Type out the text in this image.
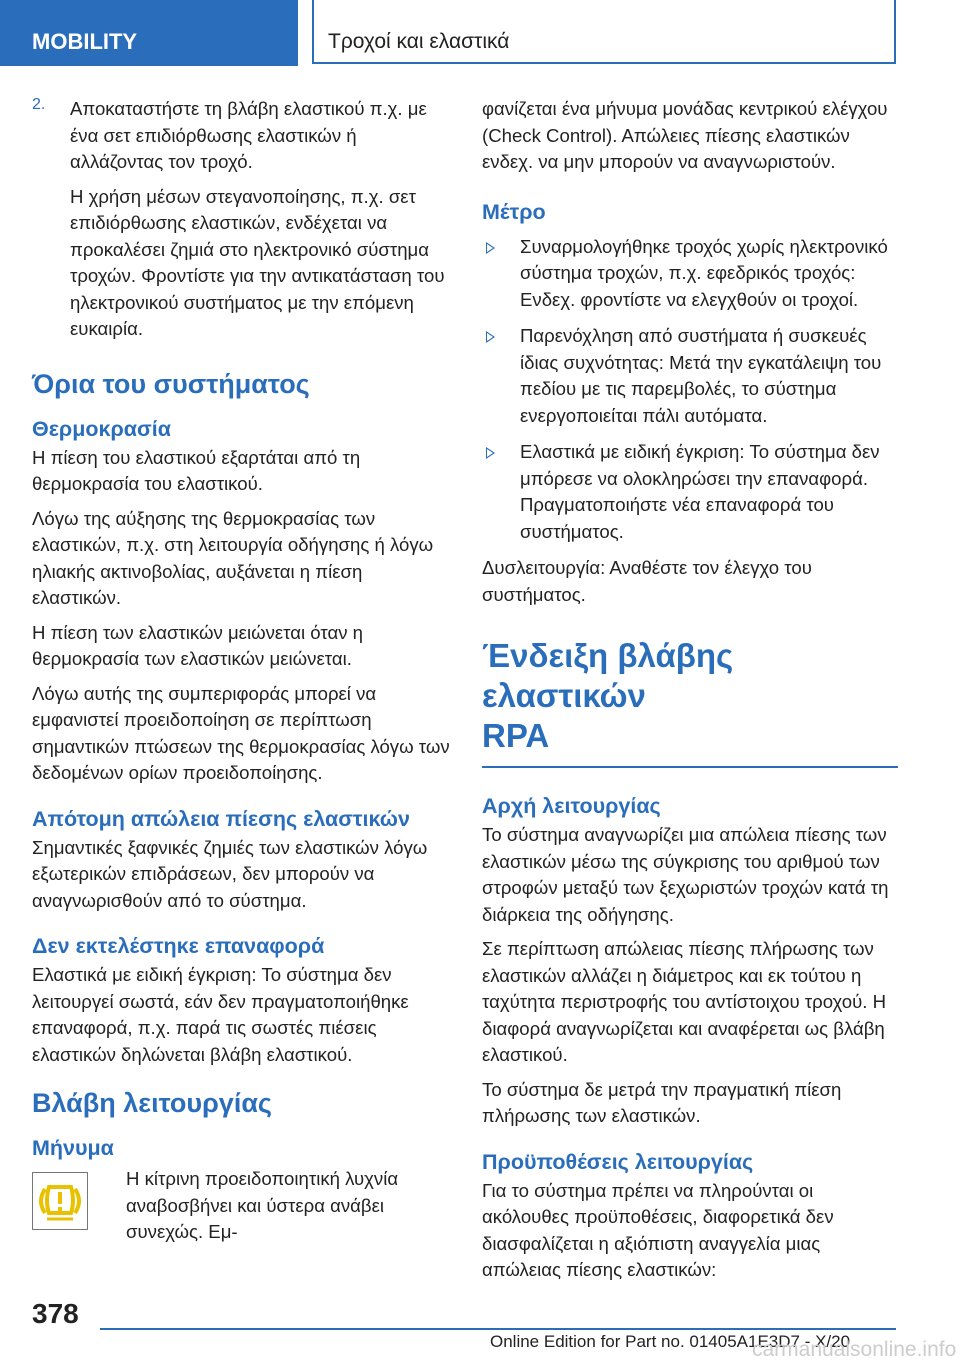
MOBILITY	Τροχοί και ελαστικά
2. Αποκαταστήστε τη βλάβη ελαστικού π.χ. με ένα σετ επιδιόρθωσης ελαστικών ή αλλάζοντας τον τροχό.

Η χρήση μέσων στεγανοποίησης, π.χ. σετ επιδιόρθωσης ελαστικών, ενδέχεται να προκαλέσει ζημιά στο ηλεκτρονικό σύστημα τροχών. Φροντίστε για την αντικατάσταση του ηλεκτρονικού συστήματος με την επόμενη ευκαιρία.

Όρια του συστήματος
Θερμοκρασία

Η πίεση του ελαστικού εξαρτάται από τη θερμοκρασία του ελαστικού.

Λόγω της αύξησης της θερμοκρασίας των ελαστικών, π.χ. στη λειτουργία οδήγησης ή λόγω ηλιακής ακτινοβολίας, αυξάνεται η πίεση ελαστικών.

Η πίεση των ελαστικών μειώνεται όταν η θερμοκρασία των ελαστικών μειώνεται.

Λόγω αυτής της συμπεριφοράς μπορεί να εμφανιστεί προειδοποίηση σε περίπτωση σημαντικών πτώσεων της θερμοκρασίας λόγω των δεδομένων ορίων προειδοποίησης.

Απότομη απώλεια πίεσης ελαστικών

Σημαντικές ξαφνικές ζημιές των ελαστικών λόγω εξωτερικών επιδράσεων, δεν μπορούν να αναγνωρισθούν από το σύστημα.

Δεν εκτελέστηκε επαναφορά

Ελαστικά με ειδική έγκριση: Το σύστημα δεν λειτουργεί σωστά, εάν δεν πραγματοποιήθηκε επαναφορά, π.χ. παρά τις σωστές πιέσεις ελαστικών δηλώνεται βλάβη ελαστικού.

Βλάβη λειτουργίας
Μήνυμα

Η κίτρινη προειδοποιητική λυχνία αναβοσβήνει και ύστερα ανάβει συνεχώς. Εμ-

φανίζεται ένα μήνυμα μονάδας κεντρικού ελέγχου (Check Control). Απώλειες πίεσης ελαστικών ενδεχ. να μην μπορούν να αναγνωριστούν.

Μέτρο

Συναρμολογήθηκε τροχός χωρίς ηλεκτρονικό σύστημα τροχών, π.χ. εφεδρικός τροχός: Ενδεχ. φροντίστε να ελεγχθούν οι τροχοί.

Παρενόχληση από συστήματα ή συσκευές ίδιας συχνότητας: Μετά την εγκατάλειψη του πεδίου με τις παρεμβολές, το σύστημα ενεργοποιείται πάλι αυτόματα.

Ελαστικά με ειδική έγκριση: Το σύστημα δεν μπόρεσε να ολοκληρώσει την επαναφορά. Πραγματοποιήστε νέα επαναφορά του συστήματος.

Δυσλειτουργία: Αναθέστε τον έλεγχο του συστήματος.

Ένδειξη βλάβης ελαστικών
RPA
Αρχή λειτουργίας

Το σύστημα αναγνωρίζει μια απώλεια πίεσης των ελαστικών μέσω της σύγκρισης του αριθμού των στροφών μεταξύ των ξεχωριστών τροχών κατά τη διάρκεια της οδήγησης.

Σε περίπτωση απώλειας πίεσης πλήρωσης των ελαστικών αλλάζει η διάμετρος και εκ τούτου η ταχύτητα περιστροφής του αντίστοιχου τροχού. Η διαφορά αναγνωρίζεται και αναφέρεται ως βλάβη ελαστικού.

Το σύστημα δε μετρά την πραγματική πίεση πλήρωσης των ελαστικών.

Προϋποθέσεις λειτουργίας

Για το σύστημα πρέπει να πληρούνται οι ακόλουθες προϋποθέσεις, διαφορετικά δεν διασφαλίζεται η αξιόπιστη αναγγελία μιας απώλειας πίεσης ελαστικών:

378
Online Edition for Part no. 01405A1E3D7 - X/20
carmanualsonline.info
